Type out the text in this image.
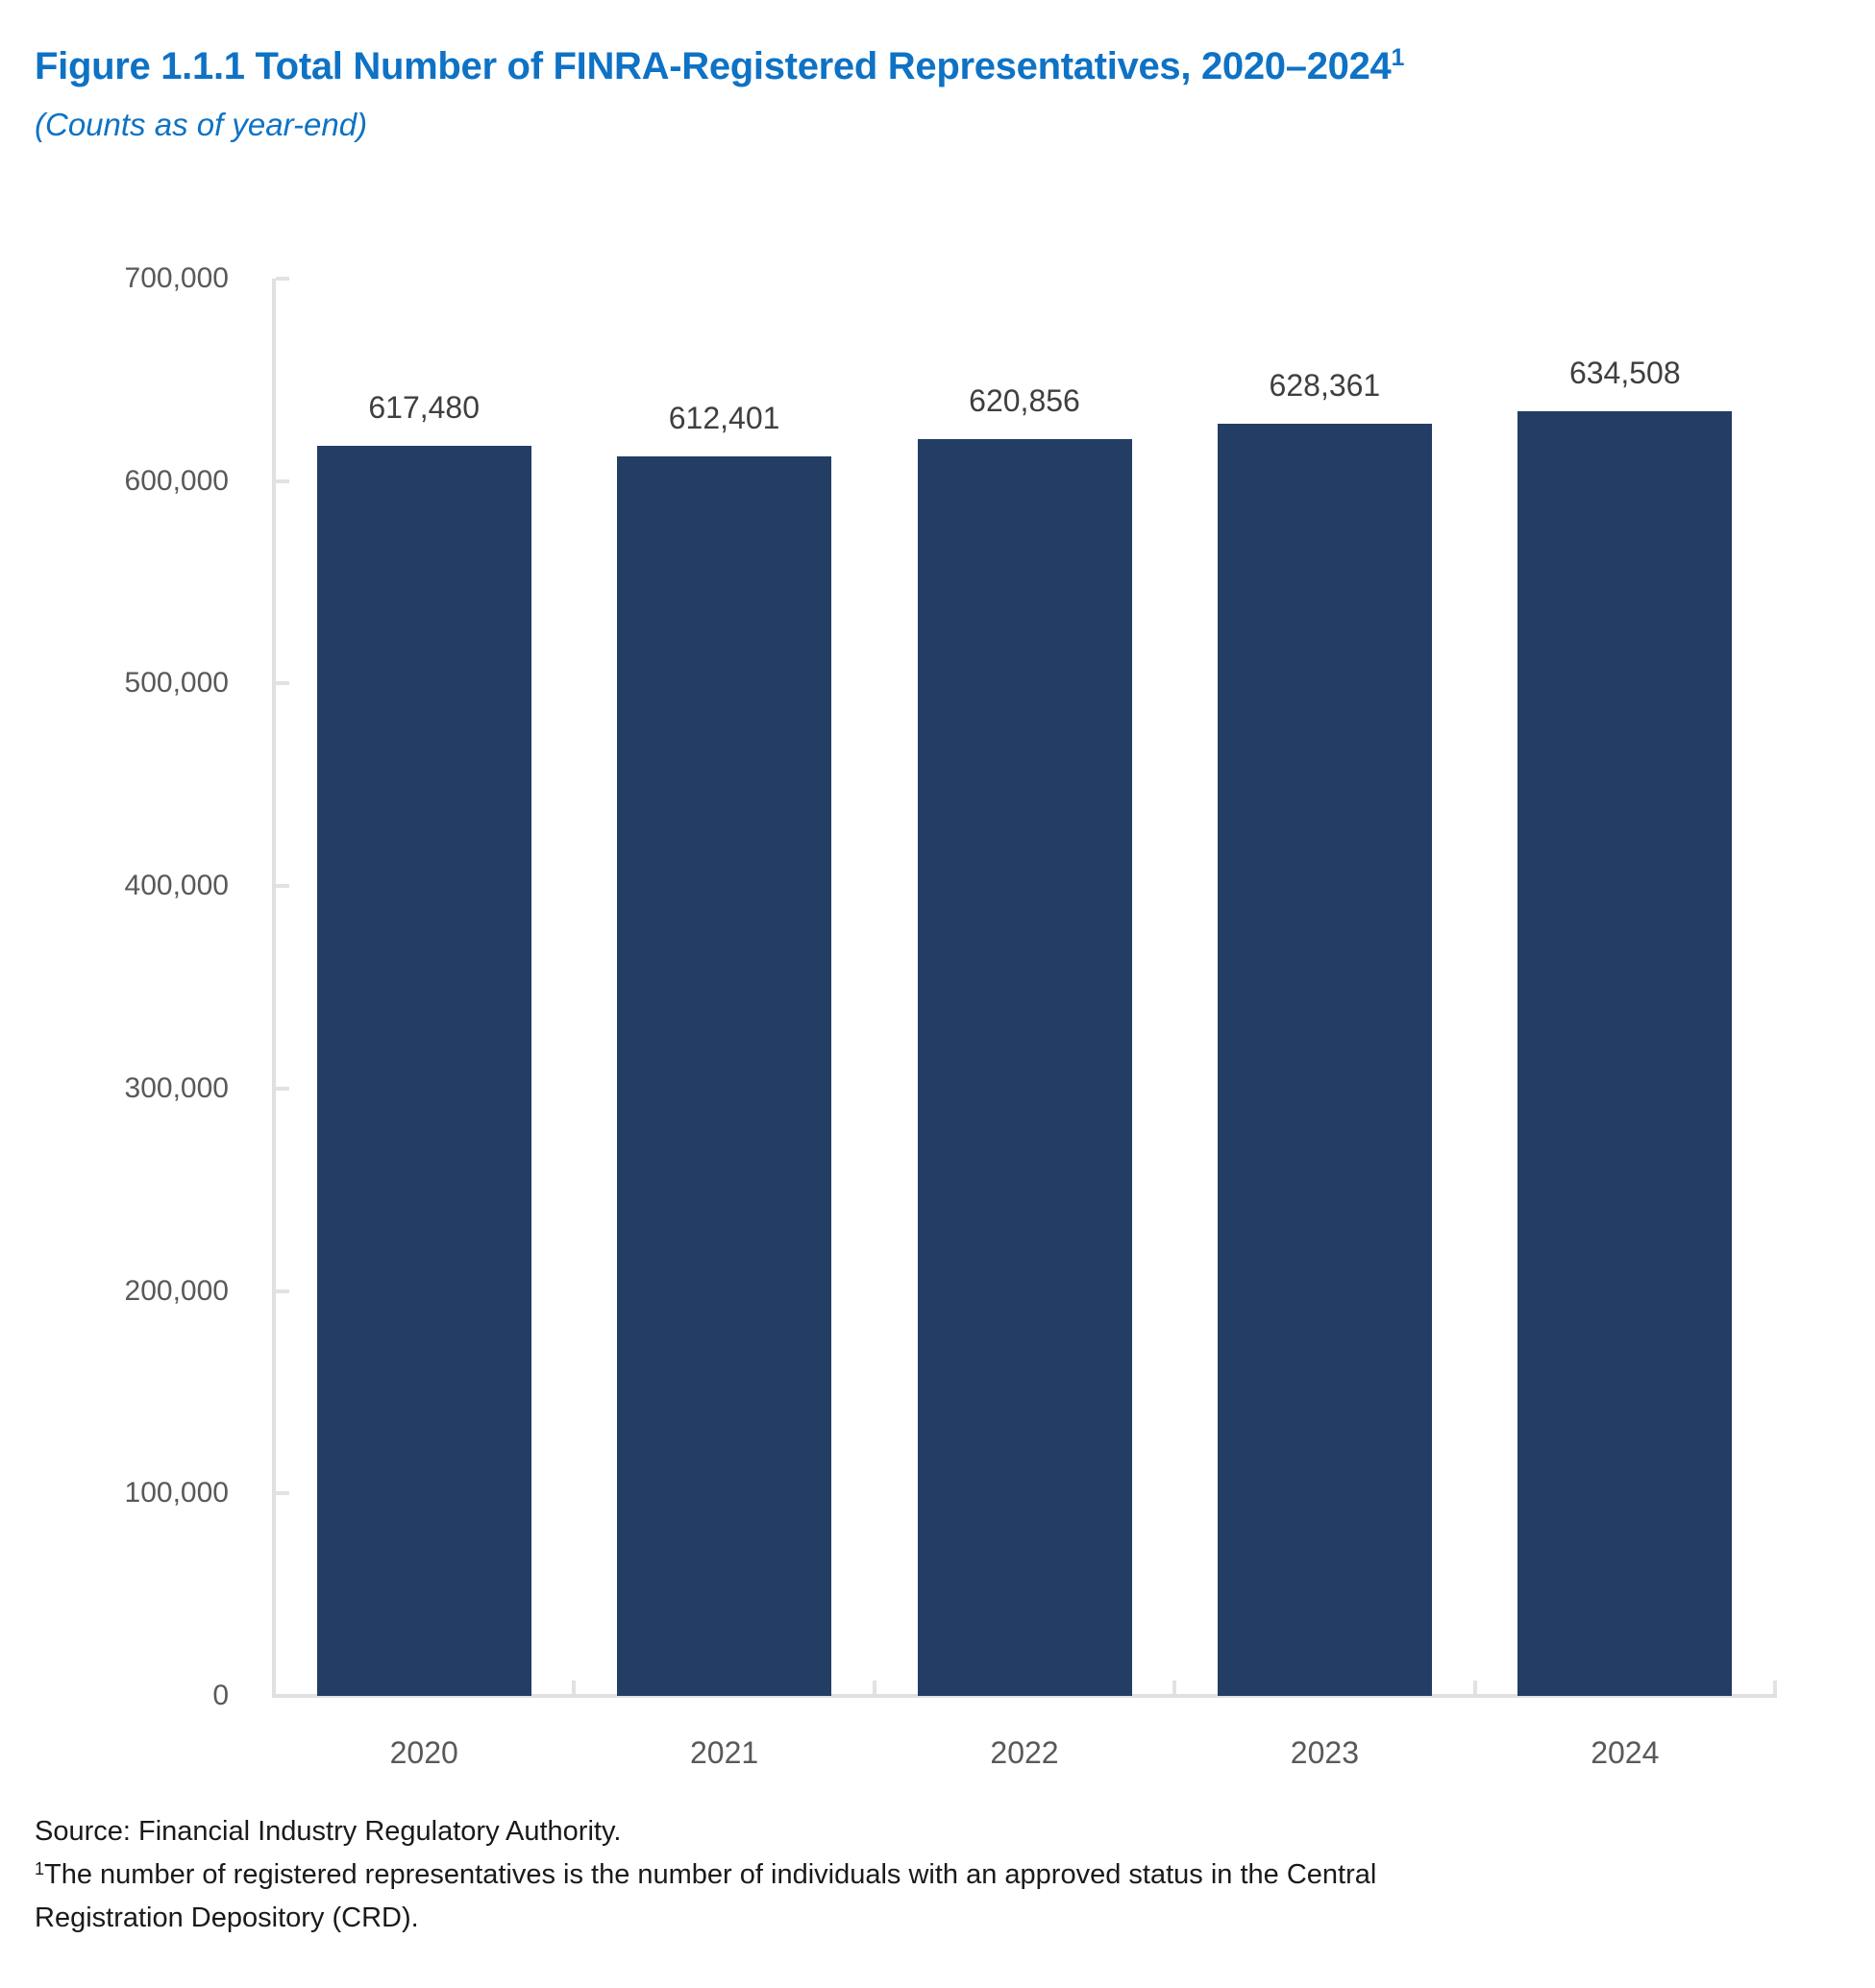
Figure 1.1.1 Total Number of FINRA-Registered Representatives, 2020–2024$^1$
(Counts as of year-end)
0
100,000
200,000
300,000
400,000
500,000
600,000
700,000
617,480
2020
612,401
2021
620,856
2022
628,361
2023
634,508
2024
Source: Financial Industry Regulatory Authority.
$^1$The number of registered representatives is the number of individuals with an approved status in the Central
Registration Depository (CRD).
